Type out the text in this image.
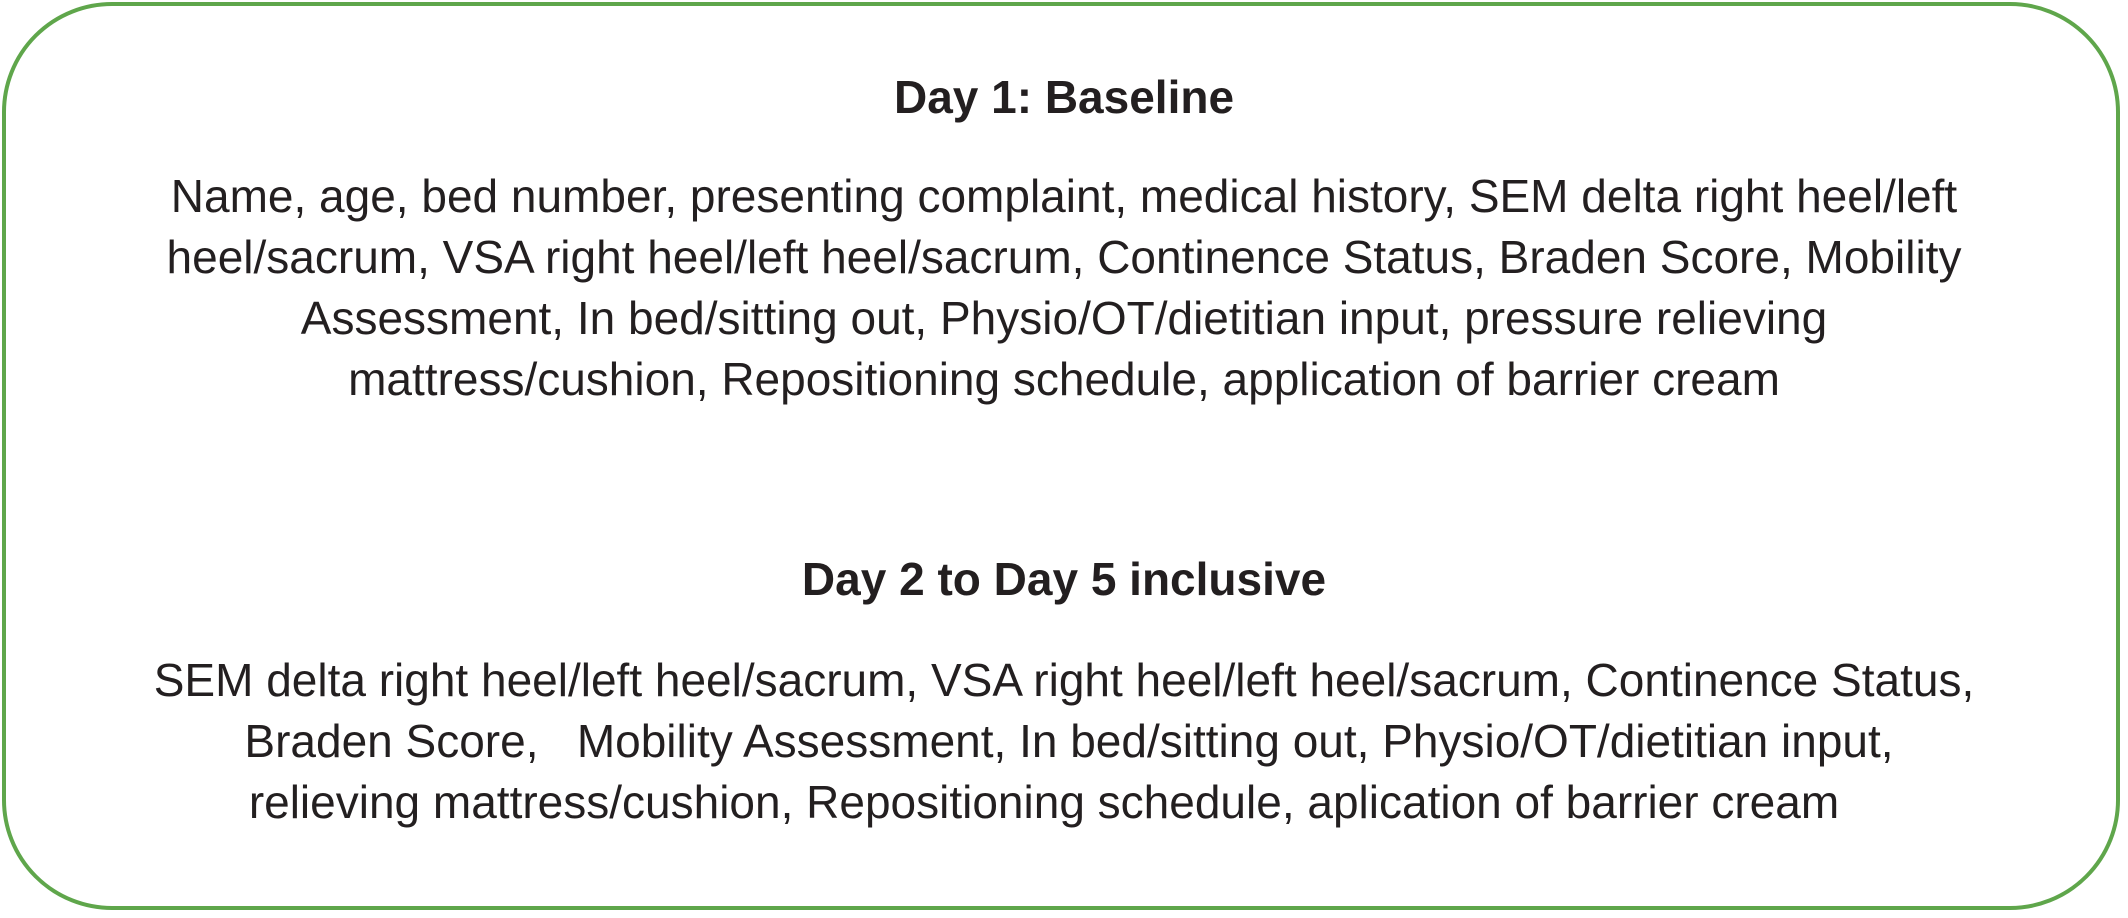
Day 1: Baseline

Name, age, bed number, presenting complaint, medical history, SEM delta right heel/left
heel/sacrum, VSA right heel/left heel/sacrum, Continence Status, Braden Score, Mobility
Assessment, In bed/sitting out, Physio/OT/dietitian input, pressure relieving
mattress/cushion, Repositioning schedule, application of barrier cream

Day 2 to Day 5 inclusive

SEM delta right heel/left heel/sacrum, VSA right heel/left heel/sacrum, Continence Status,
Braden Score,   Mobility Assessment, In bed/sitting out, Physio/OT/dietitian input,
relieving mattress/cushion, Repositioning schedule, aplication of barrier cream
